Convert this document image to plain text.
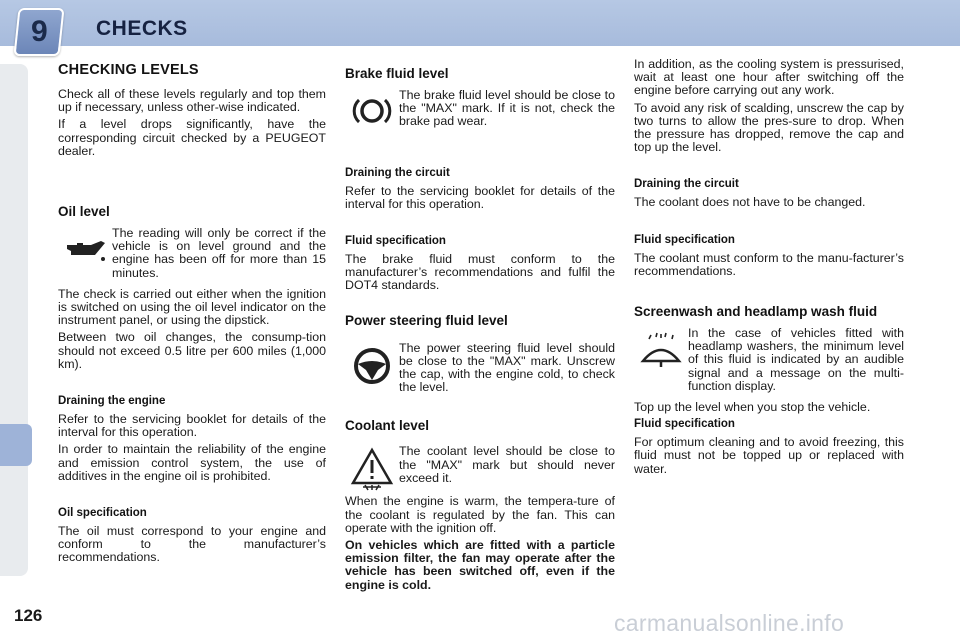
9 CHECKS
CHECKING LEVELS

Check all of these levels regularly and top them up if necessary, unless other-wise indicated.

If a level drops significantly, have the corresponding circuit checked by a PEUGEOT dealer.

Oil level

The reading will only be correct if the vehicle is on level ground and the engine has been off for more than 15 minutes.

The check is carried out either when the ignition is switched on using the oil level indicator on the instrument panel, or using the dipstick.

Between two oil changes, the consump-tion should not exceed 0.5 litre per 600 miles (1,000 km).

Draining the engine

Refer to the servicing booklet for details of the interval for this operation.

In order to maintain the reliability of the engine and emission control system, the use of additives in the engine oil is prohibited.

Oil specification

The oil must correspond to your engine and conform to the manufacturer’s recommendations.

Brake fluid level

The brake fluid level should be close to the "MAX" mark. If it is not, check the brake pad wear.

Draining the circuit

Refer to the servicing booklet for details of the interval for this operation.

Fluid specification

The brake fluid must conform to the manufacturer’s recommendations and fulfil the DOT4 standards.

Power steering fluid level

The power steering fluid level should be close to the "MAX" mark. Unscrew the cap, with the engine cold, to check the level.

Coolant level

The coolant level should be close to the "MAX" mark but should never exceed it.

When the engine is warm, the tempera-ture of the coolant is regulated by the fan. This can operate with the ignition off.

On vehicles which are fitted with a particle emission filter, the fan may operate after the vehicle has been switched off, even if the engine is cold.

In addition, as the cooling system is pressurised, wait at least one hour after switching off the engine before carrying out any work.

To avoid any risk of scalding, unscrew the cap by two turns to allow the pres-sure to drop. When the pressure has dropped, remove the cap and top up the level.

Draining the circuit

The coolant does not have to be changed.

Fluid specification

The coolant must conform to the manu-facturer’s recommendations.

Screenwash and headlamp wash fluid

In the case of vehicles fitted with headlamp washers, the minimum level of this fluid is indicated by an audible signal and a message on the multi-function display.

Top up the level when you stop the vehicle.

Fluid specification

For optimum cleaning and to avoid freezing, this fluid must not be topped up or replaced with water.

126	carmanualsonline.info
